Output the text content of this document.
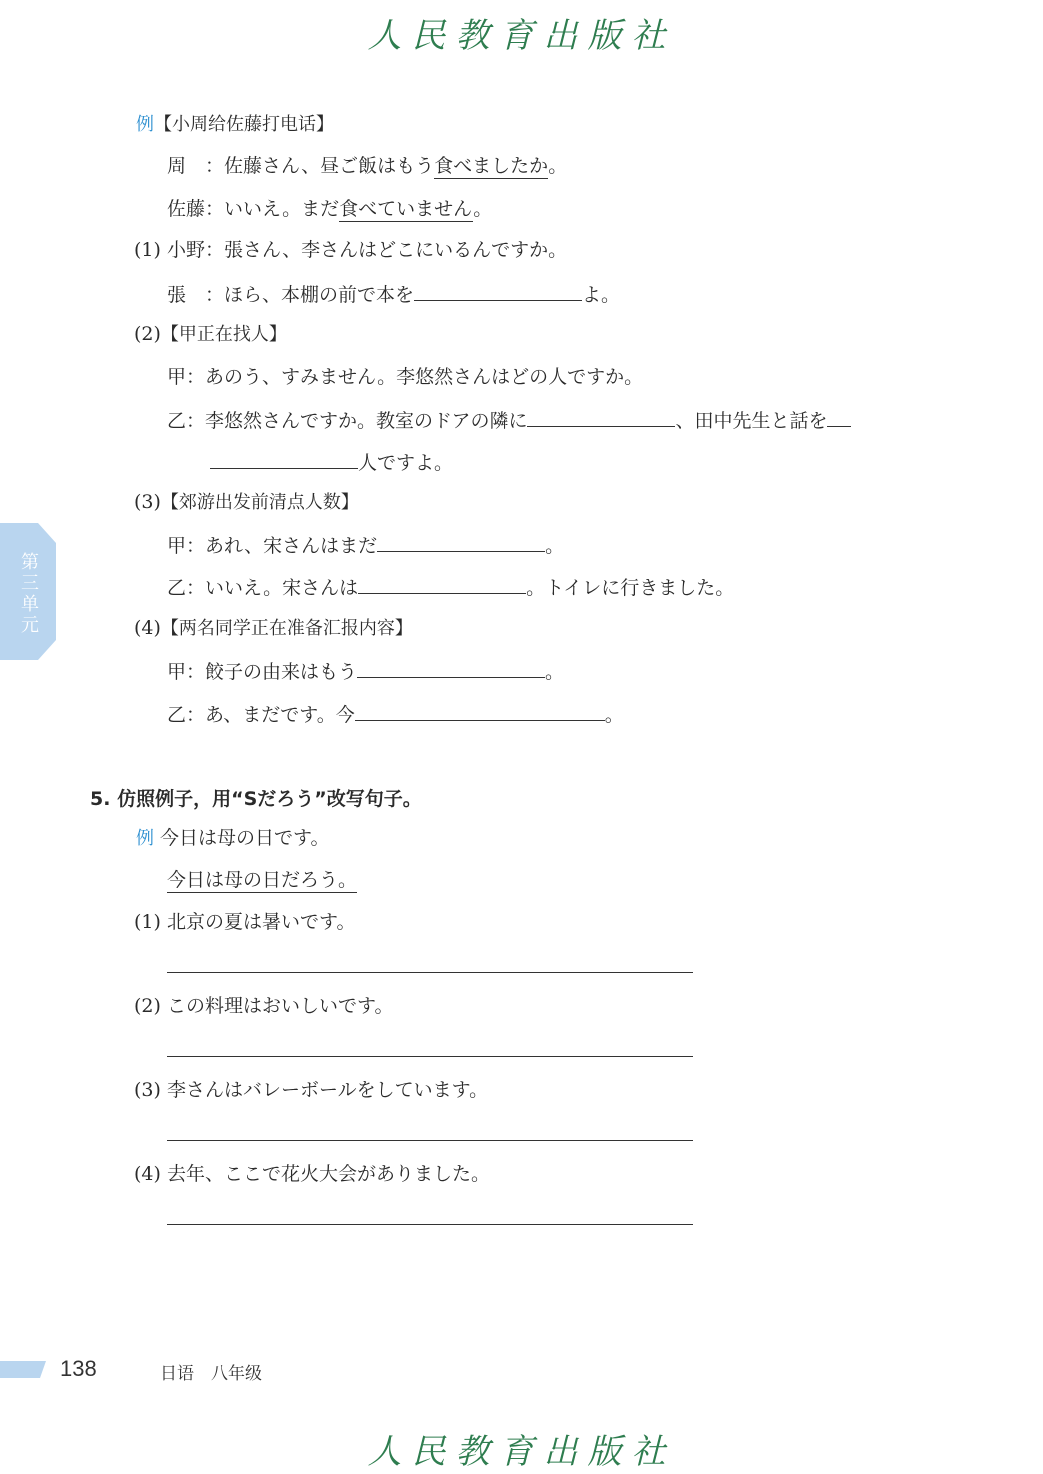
人民教育出版社
第三单元
例【小周给佐藤打电话】
周　：佐藤さん、昼ご飯はもう食べましたか。
佐藤：いいえ。まだ食べていません。
(1) 小野：張さん、李さんはどこにいるんですか。
張　：ほら、本棚の前で本を	よ。
(2)【甲正在找人】
甲：あのう、すみません。李悠然さんはどの人ですか。
乙：李悠然さんですか。教室のドアの隣に	、田中先生と話を
人ですよ。
(3)【郊游出发前清点人数】
甲：あれ、宋さんはまだ	。
乙：いいえ。宋さんは	。トイレに行きました。
(4)【两名同学正在准备汇报内容】
甲：餃子の由来はもう	。
乙：あ、まだです。今	。
5. 仿照例子，用“Sだろう”改写句子。
例 今日は母の日です。
今日は母の日だろう。
(1) 北京の夏は暑いです。
(2) この料理はおいしいです。
(3) 李さんはバレーボールをしています。
(4) 去年、ここで花火大会がありました。
138	日语　八年级
人民教育出版社
